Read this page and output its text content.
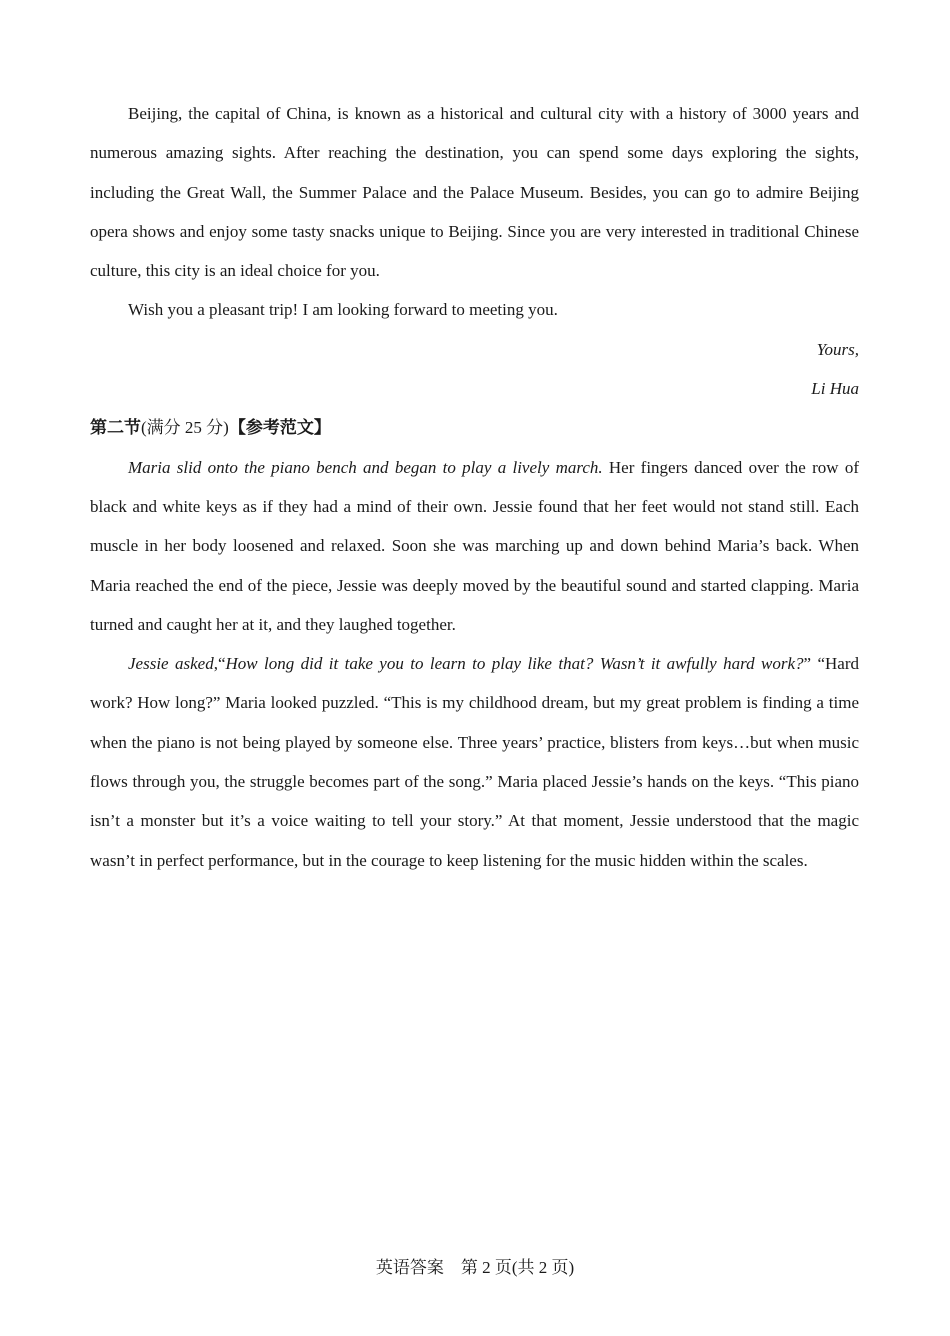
Beijing, the capital of China, is known as a historical and cultural city with a history of 3000 years and numerous amazing sights. After reaching the destination, you can spend some days exploring the sights, including the Great Wall, the Summer Palace and the Palace Museum. Besides, you can go to admire Beijing opera shows and enjoy some tasty snacks unique to Beijing. Since you are very interested in traditional Chinese culture, this city is an ideal choice for you.

Wish you a pleasant trip! I am looking forward to meeting you.

Yours,

Li Hua

第二节(满分 25 分)【参考范文】

Maria slid onto the piano bench and began to play a lively march. Her fingers danced over the row of black and white keys as if they had a mind of their own. Jessie found that her feet would not stand still. Each muscle in her body loosened and relaxed. Soon she was marching up and down behind Maria’s back. When Maria reached the end of the piece, Jessie was deeply moved by the beautiful sound and started clapping. Maria turned and caught her at it, and they laughed together.

Jessie asked,“How long did it take you to learn to play like that? Wasn’t it awfully hard work?” “Hard work? How long?” Maria looked puzzled. “This is my childhood dream, but my great problem is finding a time when the piano is not being played by someone else. Three years’ practice, blisters from keys…but when music flows through you, the struggle becomes part of the song.” Maria placed Jessie’s hands on the keys. “This piano isn’t a monster but it’s a voice waiting to tell your story.” At that moment, Jessie understood that the magic wasn’t in perfect performance, but in the courage to keep listening for the music hidden within the scales.

英语答案　第 2 页(共 2 页)
